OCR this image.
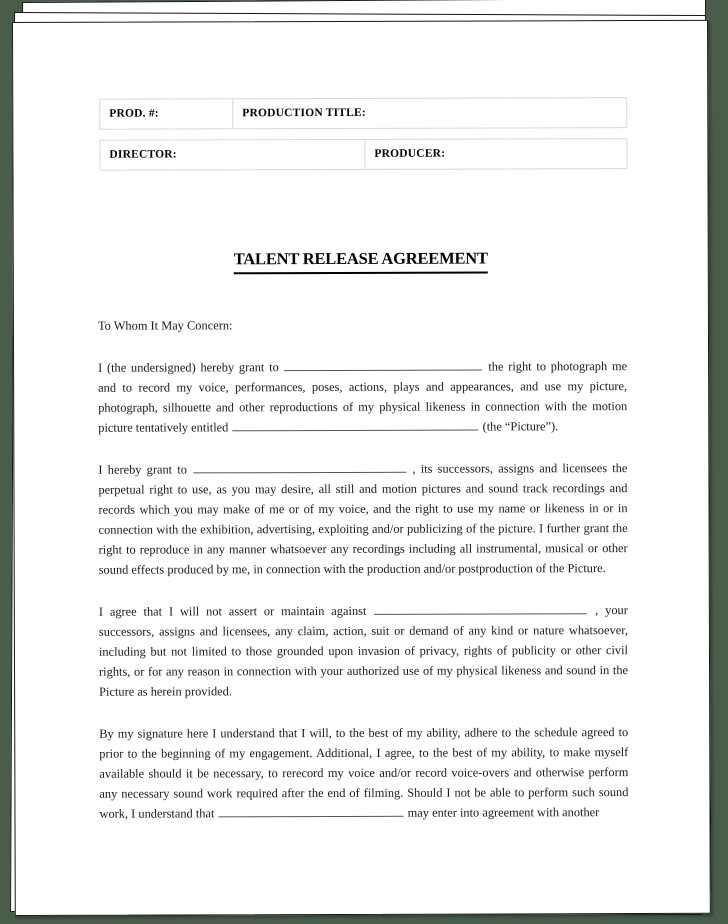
PROD. #:	PRODUCTION TITLE:
DIRECTOR:	PRODUCER:
TALENT RELEASE AGREEMENT
To Whom It May Concern:

I (the undersigned) hereby grant to	the right to photograph me and to record my voice, performances, poses, actions, plays and appearances, and use my picture, photograph, silhouette and other reproductions of my physical likeness in connection with the motion picture tentatively entitled	(the “Picture”).

I hereby grant to	, its successors, assigns and licensees the perpetual right to use, as you may desire, all still and motion pictures and sound track recordings and records which you may make of me or of my voice, and the right to use my name or likeness in or in connection with the exhibition, advertising, exploiting and/or publicizing of the picture. I further grant the right to reproduce in any manner whatsoever any recordings including all instrumental, musical or other sound effects produced by me, in connection with the production and/or postproduction of the Picture.

I agree that I will not assert or maintain against	, your successors, assigns and licensees, any claim, action, suit or demand of any kind or nature whatsoever, including but not limited to those grounded upon invasion of privacy, rights of publicity or other civil rights, or for any reason in connection with your authorized use of my physical likeness and sound in the Picture as herein provided.

By my signature here I understand that I will, to the best of my ability, adhere to the schedule agreed to prior to the beginning of my engagement. Additional, I agree, to the best of my ability, to make myself available should it be necessary, to rerecord my voice and/or record voice-overs and otherwise perform any necessary sound work required after the end of filming. Should I not be able to perform such sound work, I understand that	may enter into agreement with another
